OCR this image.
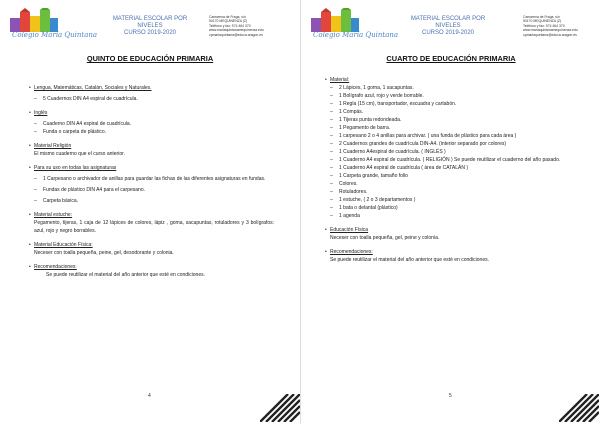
Colegio María Quintana
MATERIAL ESCOLAR POR NIVELES
CURSO 2019-2020
Camarena de Fraga, s/n
50170 MEQUINENZA (Z)
Teléfono y fax: 974 464 370
www.mariaquintanamequinenza.edu
cpmariaquintana@educa.aragon.es
QUINTO DE EDUCACIÓN PRIMARIA

• Lengua, Matemáticas, Catalán, Sociales y Naturales.

– 5 Cuadernos DIN A4 espiral de cuadrícula.

• Inglés

– Cuaderno DIN A4 espiral de cuadrícula.

– Funda o carpeta de plástico.

• Material Religión

El mismo cuaderno que el curso anterior.

• Para su uso en todas las asignaturas

– 1 Carpesano o archivador de anillas para guardar las fichas de las diferentes asignaturas en fundas.

– Fundas de plástico DIN A4 para el carpesano.

– Carpeta básica.

• Material estuche:

Pegamento, tijeras, 1 caja de 12 lápices de colores, lápiz , goma, sacapuntas, rotuladores y 3 bolígrafos: azul, rojo y negro borrables.

• Material Educación Física:

Neceser con toalla pequeña, peine, gel, desodorante y colonia.

• Recomendaciones:

Se puede reutilizar el material del año anterior que esté en condiciones.

4
Colegio María Quintana
MATERIAL ESCOLAR POR NIVELES
CURSO 2019-2020
Camarena de Fraga, s/n
50170 MEQUINENZA (Z)
Teléfono y fax: 974 464 370
www.mariaquintanamequinenza.edu
cpmariaquintana@educa.aragon.es
CUARTO DE EDUCACIÓN PRIMARIA

• Material:

– 2 Lápices, 1 goma, 1 sacapuntas.

– 1 Bolígrafo azul, rojo y verde borrable.

– 1 Regla (15 cm), transportador, escuadra y cartabón.

– 1 Compás.

– 1 Tijeras punta redondeada.

– 1 Pegamento de barra.

– 1 carpesano 2 o 4 anillas para archivar. ( una funda de plástico para cada área )

– 2 Cuadernos grandes de cuadrícula DIN-A4. (interior separado por colores)

– 1 Cuaderno A4espiral de cuadrícula. ( INGLÉS )

– 1 Cuaderno A4 espiral de cuadrícula. ( RELIGIÓN ) Se puede reutilizar el cuaderno del año pasado.

– 1 Cuaderno A4 espiral de cuadrícula ( área de CATALÁN )

– 1 Carpeta grande, tamaño folio

– Colores.

– Rotuladores.

– 1 estuche, ( 2 o 3 departamentos )

– 1 bata o delantal (plástico)

– 1 agenda

• Educación Física

Neceser con toalla pequeña, gel, peine y colonia.

• Recomendaciones:

Se puede reutilizar el material del año anterior que esté en condiciones.

5
